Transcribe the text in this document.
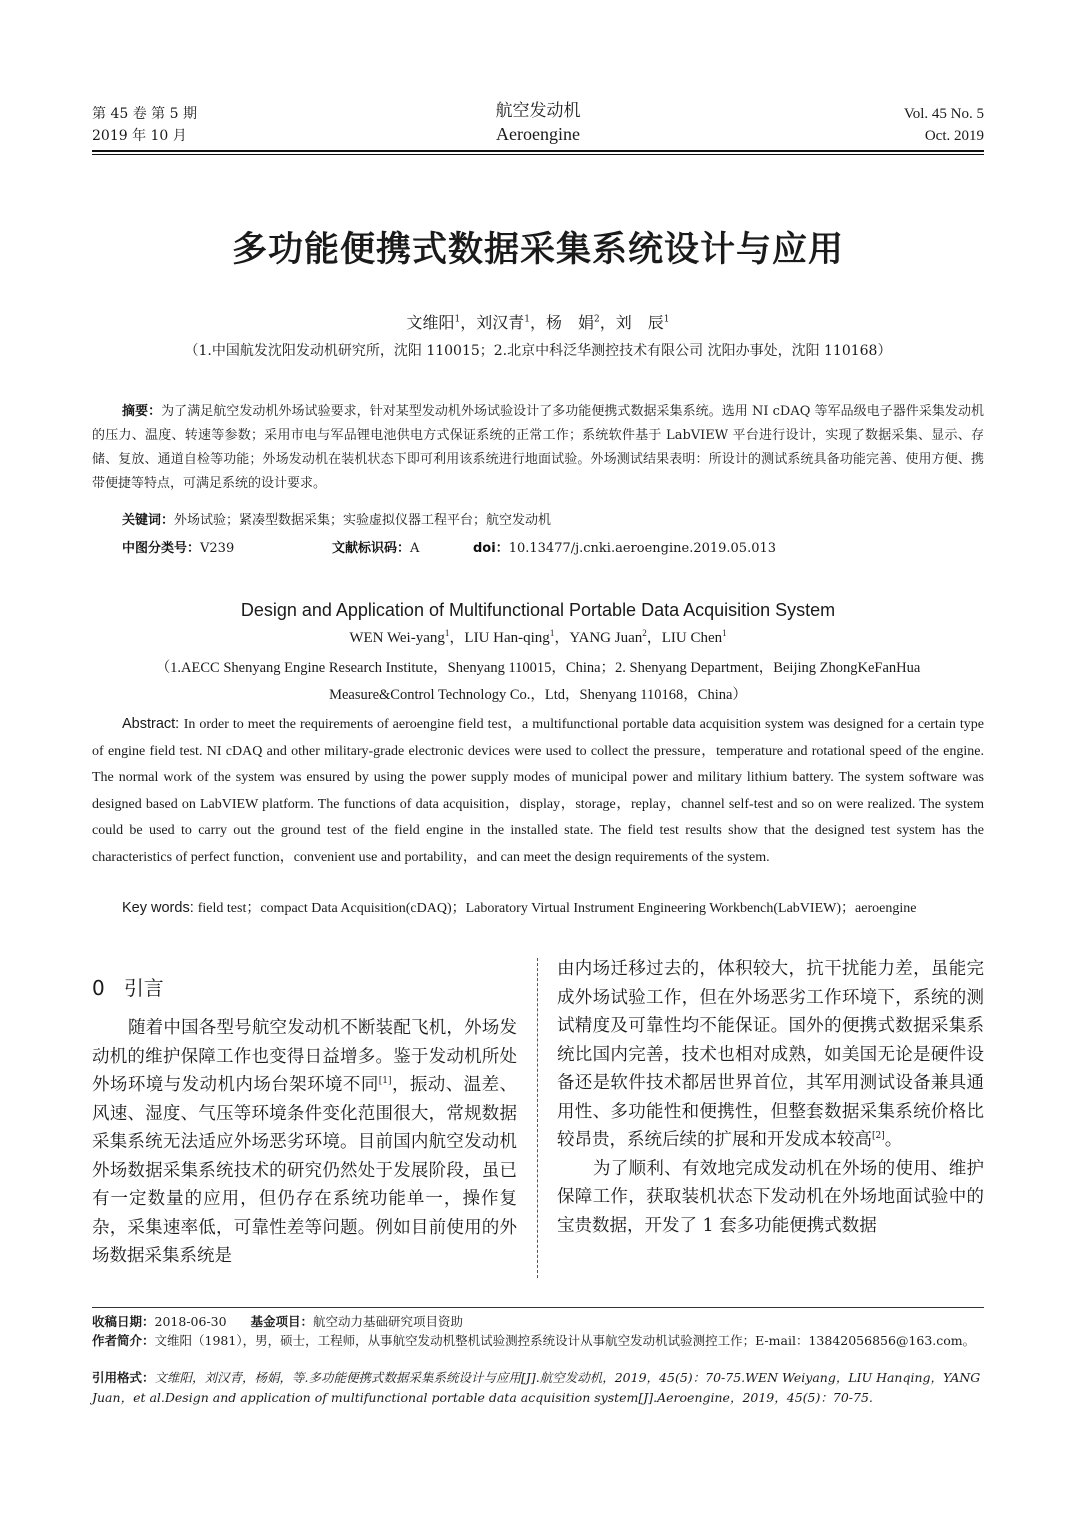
第 45 卷 第 5 期
2019 年 10 月
航空发动机
Aeroengine
Vol. 45 No. 5
Oct. 2019
多功能便携式数据采集系统设计与应用
文维阳$^1$，刘汉青$^1$，杨　娟$^2$，刘　辰$^1$
（1.中国航发沈阳发动机研究所，沈阳 110015；2.北京中科泛华测控技术有限公司 沈阳办事处，沈阳 110168）
摘要：为了满足航空发动机外场试验要求，针对某型发动机外场试验设计了多功能便携式数据采集系统。选用 NI cDAQ 等军品级电子器件采集发动机的压力、温度、转速等参数；采用市电与军品锂电池供电方式保证系统的正常工作；系统软件基于 LabVIEW 平台进行设计，实现了数据采集、显示、存储、复放、通道自检等功能；外场发动机在装机状态下即可利用该系统进行地面试验。外场测试结果表明：所设计的测试系统具备功能完善、使用方便、携带便捷等特点，可满足系统的设计要求。
关键词：外场试验；紧凑型数据采集；实验虚拟仪器工程平台；航空发动机
中图分类号：V239	文献标识码：A	doi：10.13477/j.cnki.aeroengine.2019.05.013
Design and Application of Multifunctional Portable Data Acquisition System
WEN Wei-yang$^1$，LIU Han-qing$^1$，YANG Juan$^2$，LIU Chen$^1$
（1.AECC Shenyang Engine Research Institute，Shenyang 110015，China；2. Shenyang Department，Beijing ZhongKeFanHua
Measure&Control Technology Co.，Ltd，Shenyang 110168，China）
Abstract: In order to meet the requirements of aeroengine field test，a multifunctional portable data acquisition system was designed for a certain type of engine field test. NI cDAQ and other military-grade electronic devices were used to collect the pressure，temperature and rotational speed of the engine. The normal work of the system was ensured by using the power supply modes of municipal power and military lithium battery. The system software was designed based on LabVIEW platform. The functions of data acquisition，display，storage，replay，channel self-test and so on were realized. The system could be used to carry out the ground test of the field engine in the installed state. The field test results show that the designed test system has the characteristics of perfect function，convenient use and portability，and can meet the design requirements of the system.
Key words: field test；compact Data Acquisition(cDAQ)；Laboratory Virtual Instrument Engineering Workbench(LabVIEW)；aeroengine
0 引言
随着中国各型号航空发动机不断装配飞机，外场发动机的维护保障工作也变得日益增多。鉴于发动机所处外场环境与发动机内场台架环境不同[1]，振动、温差、风速、湿度、气压等环境条件变化范围很大，常规数据采集系统无法适应外场恶劣环境。目前国内航空发动机外场数据采集系统技术的研究仍然处于发展阶段，虽已有一定数量的应用，但仍存在系统功能单一，操作复杂，采集速率低，可靠性差等问题。例如目前使用的外场数据采集系统是

由内场迁移过去的，体积较大，抗干扰能力差，虽能完成外场试验工作，但在外场恶劣工作环境下，系统的测试精度及可靠性均不能保证。国外的便携式数据采集系统比国内完善，技术也相对成熟，如美国无论是硬件设备还是软件技术都居世界首位，其军用测试设备兼具通用性、多功能性和便携性，但整套数据采集系统价格比较昂贵，系统后续的扩展和开发成本较高[2]。

为了顺利、有效地完成发动机在外场的使用、维护保障工作，获取装机状态下发动机在外场地面试验中的宝贵数据，开发了 1 套多功能便携式数据

收稿日期：2018-06-30 基金项目：航空动力基础研究项目资助
作者简介：文维阳（1981），男，硕士，工程师，从事航空发动机整机试验测控系统设计从事航空发动机试验测控工作；E-mail：13842056856@163.com。
引用格式：文维阳，刘汉青，杨娟，等.多功能便携式数据采集系统设计与应用[J].航空发动机，2019，45(5)：70-75.WEN Weiyang，LIU Hanqing，YANG Juan，et al.Design and application of multifunctional portable data acquisition system[J].Aeroengine，2019，45(5)：70-75.
